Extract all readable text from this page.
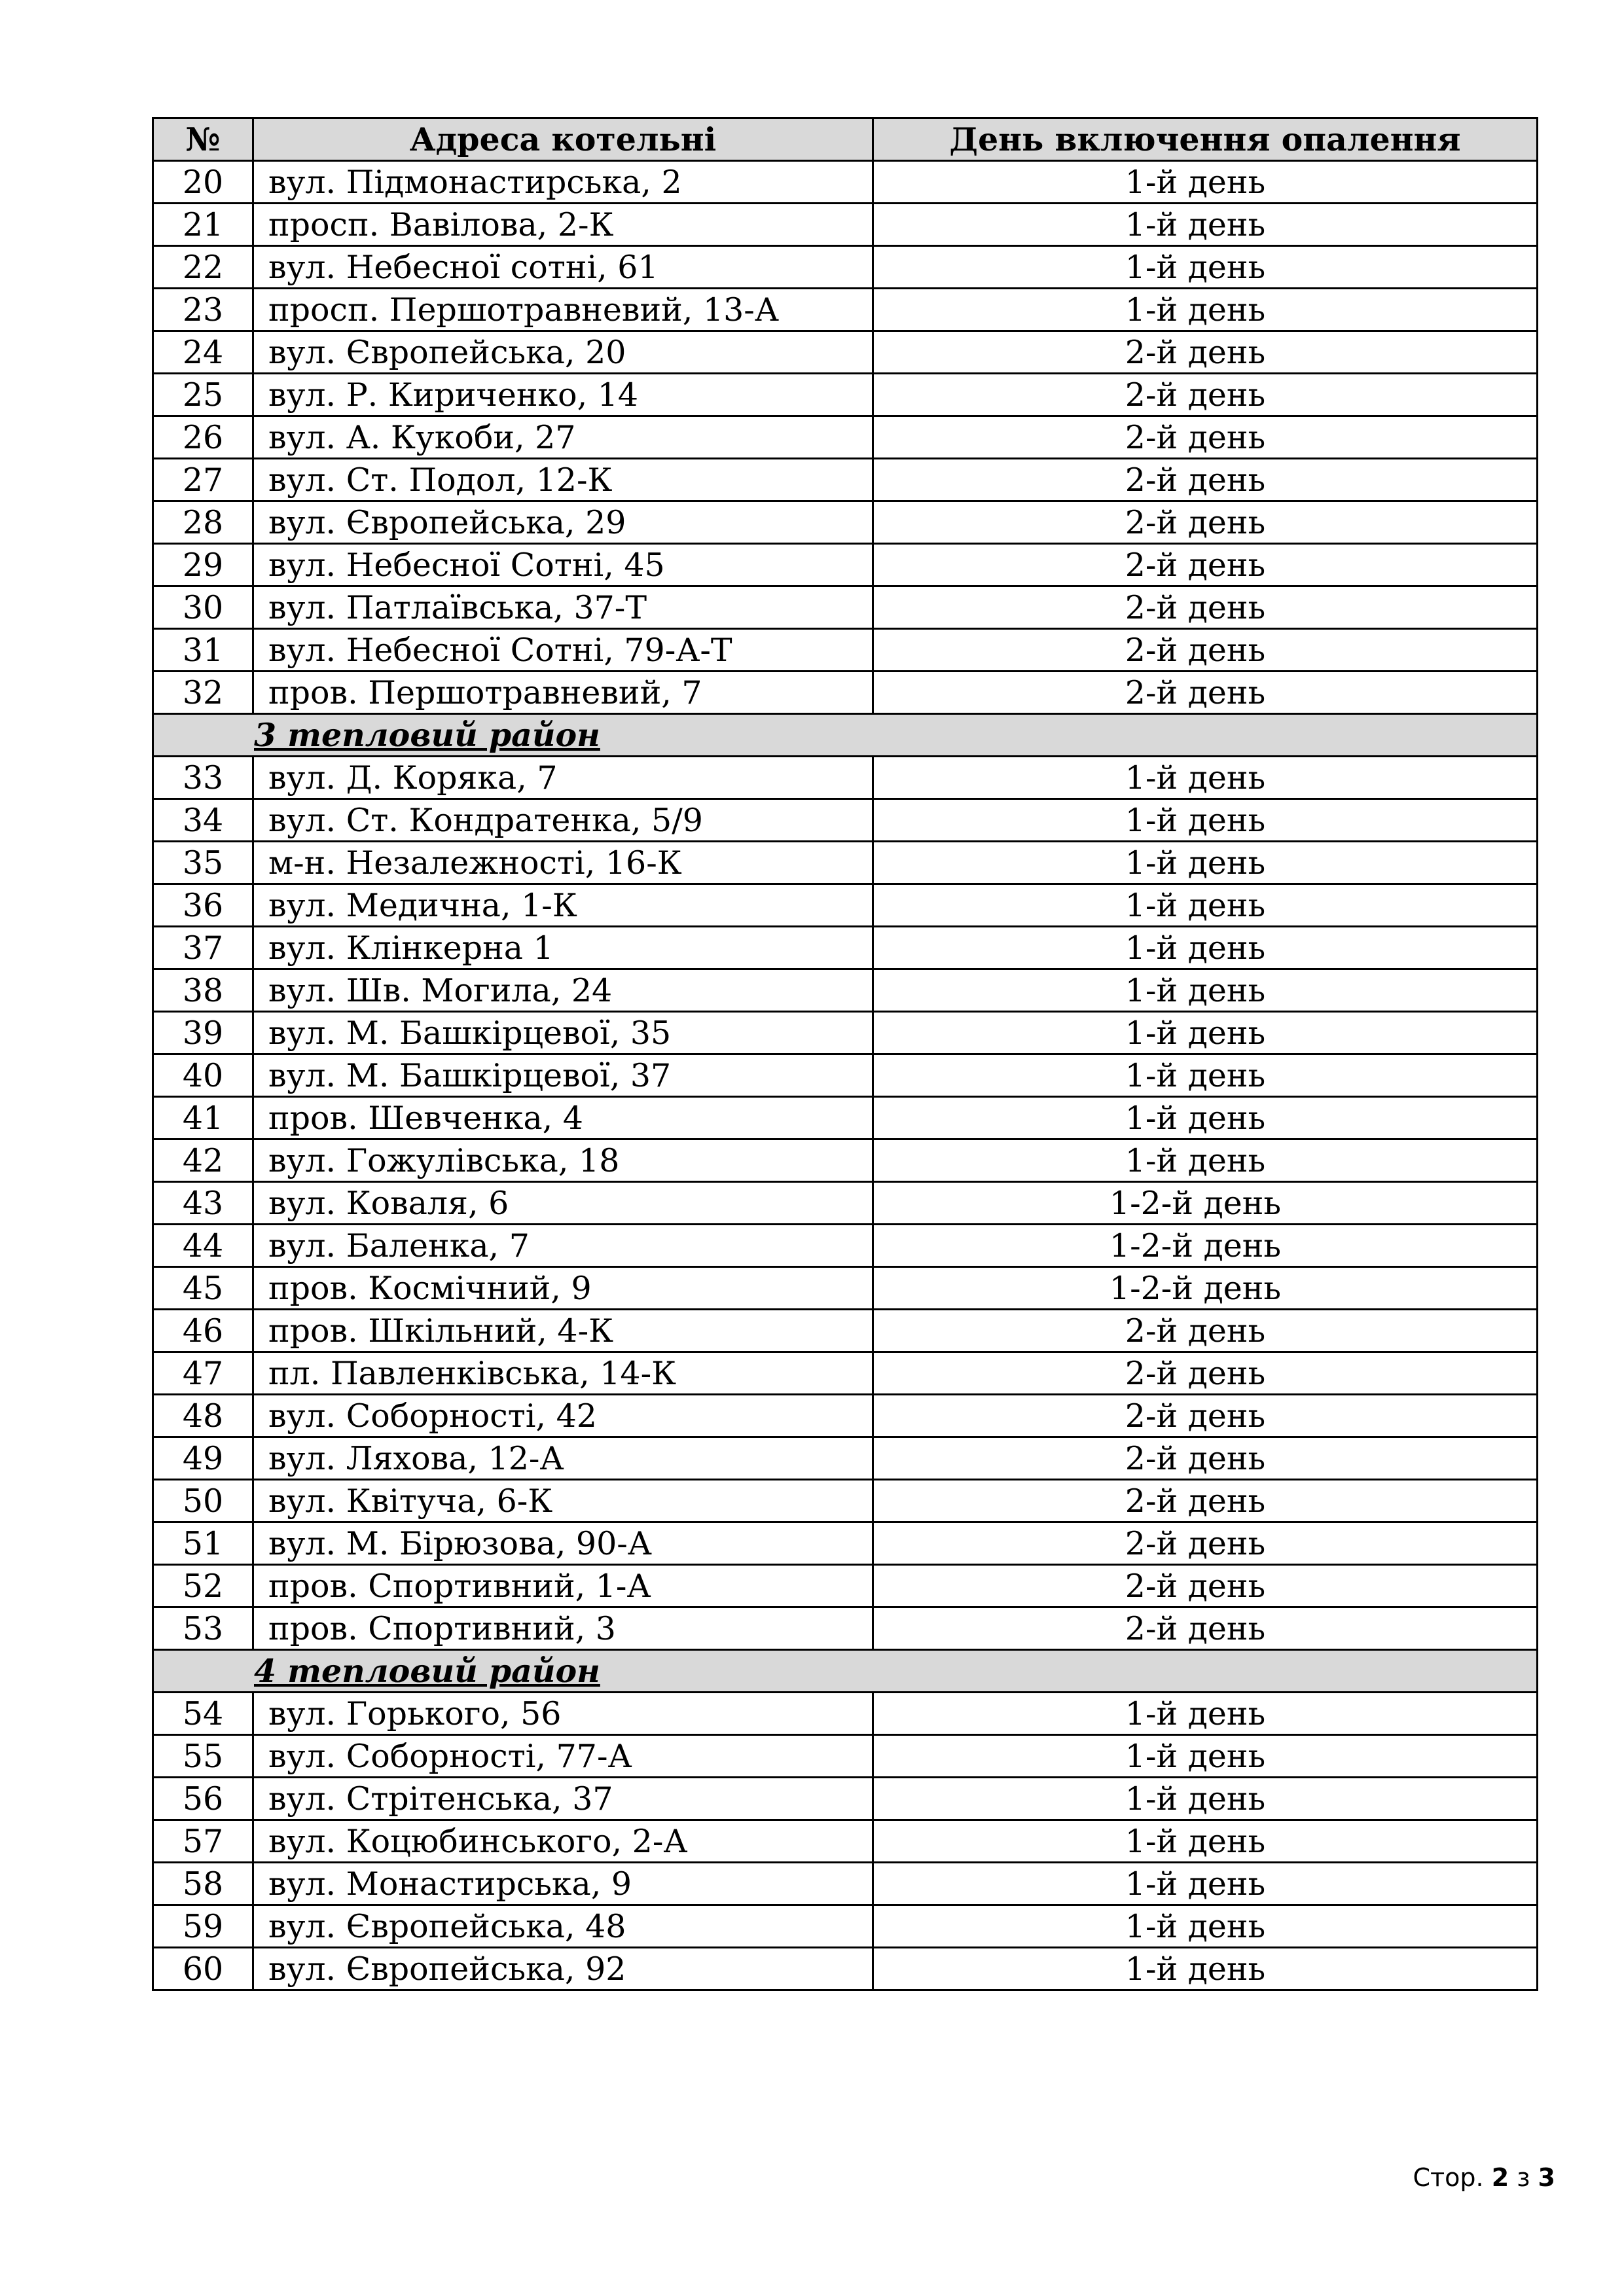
№	Адреса котельні	День включення опалення
20	вул. Підмонастирська, 2	1-й день
21	просп. Вавілова, 2-К	1-й день
22	вул. Небесної сотні, 61	1-й день
23	просп. Першотравневий, 13-А	1-й день
24	вул. Європейська, 20	2-й день
25	вул. Р. Кириченко, 14	2-й день
26	вул. А. Кукоби, 27	2-й день
27	вул. Ст. Подол, 12-К	2-й день
28	вул. Європейська, 29	2-й день
29	вул. Небесної Сотні, 45	2-й день
30	вул. Патлаївська, 37-Т	2-й день
31	вул. Небесної Сотні, 79-А-Т	2-й день
32	пров. Першотравневий, 7	2-й день
3 тепловий район		
33	вул. Д. Коряка, 7	1-й день
34	вул. Ст. Кондратенка, 5/9	1-й день
35	м-н. Незалежності, 16-К	1-й день
36	вул. Медична, 1-К	1-й день
37	вул. Клінкерна 1	1-й день
38	вул. Шв. Могила, 24	1-й день
39	вул. М. Башкірцевої, 35	1-й день
40	вул. М. Башкірцевої, 37	1-й день
41	пров. Шевченка, 4	1-й день
42	вул. Гожулівська, 18	1-й день
43	вул. Коваля, 6	1-2-й день
44	вул. Баленка, 7	1-2-й день
45	пров. Космічний, 9	1-2-й день
46	пров. Шкільний, 4-К	2-й день
47	пл. Павленківська, 14-К	2-й день
48	вул. Соборності, 42	2-й день
49	вул. Ляхова, 12-А	2-й день
50	вул. Квітуча, 6-К	2-й день
51	вул. М. Бірюзова, 90-А	2-й день
52	пров. Спортивний, 1-А	2-й день
53	пров. Спортивний, 3	2-й день
4 тепловий район		
54	вул. Горького, 56	1-й день
55	вул. Соборності, 77-А	1-й день
56	вул. Стрітенська, 37	1-й день
57	вул. Коцюбинського, 2-А	1-й день
58	вул. Монастирська, 9	1-й день
59	вул. Європейська, 48	1-й день
60	вул. Європейська, 92	1-й день
Стор. 2 з 3
